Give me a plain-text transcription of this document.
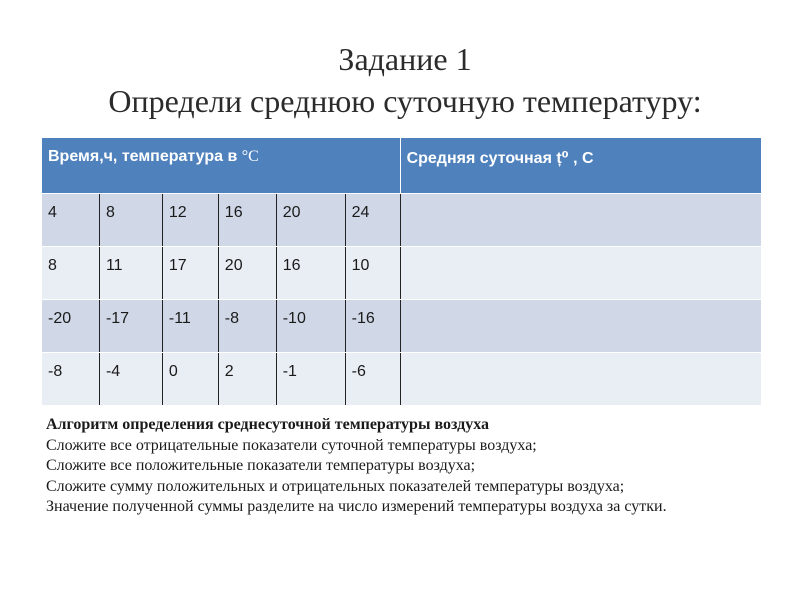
Задание 1
Определи среднюю суточную температуру:
Время,ч, температура в °С						Средняя суточная ț⁰ , С
4	8	12	16	20	24	
8	11	17	20	16	10	
-20	-17	-11	-8	-10	-16	
-8	-4	0	2	-1	-6	
Алгоритм определения среднесуточной температуры воздуха
Сложите все отрицательные показатели суточной температуры воздуха;
Сложите все положительные показатели температуры воздуха;
Сложите сумму положительных и отрицательных показателей температуры воздуха;
Значение полученной суммы разделите на число измерений температуры воздуха за сутки.
